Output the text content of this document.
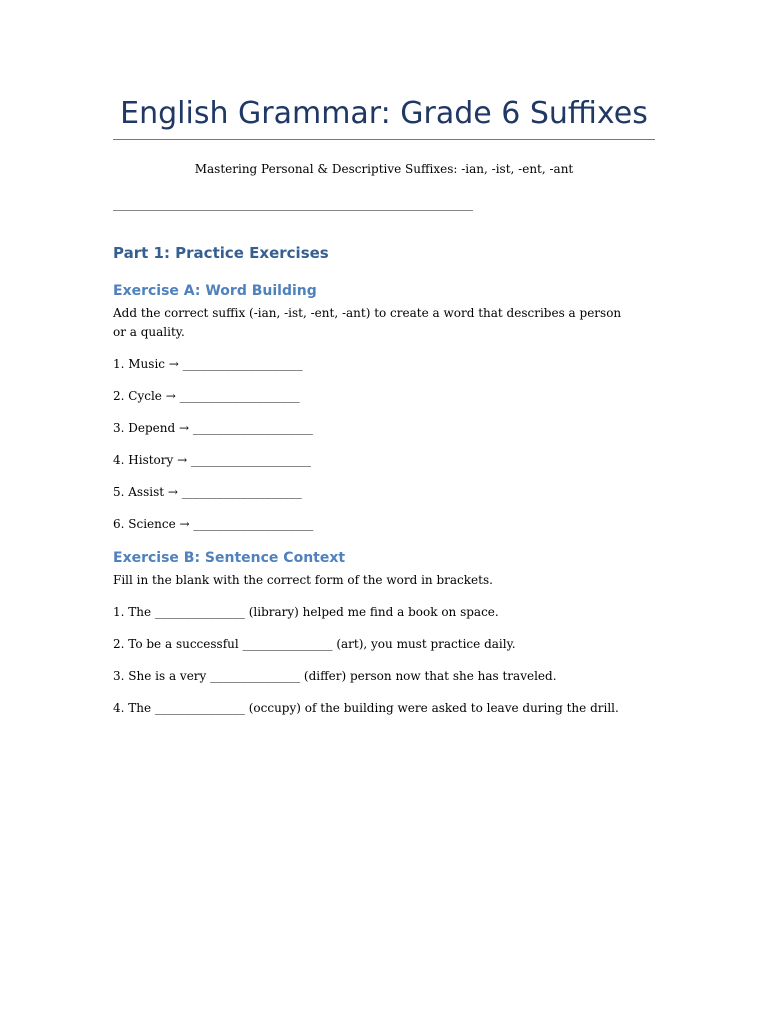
English Grammar: Grade 6 Suffixes
Mastering Personal & Descriptive Suffixes: -ian, -ist, -ent, -ant
____________________________________________________________
Part 1: Practice Exercises
Exercise A: Word Building
Add the correct suffix (-ian, -ist, -ent, -ant) to create a word that describes a person or a quality.
1. Music → ____________________
2. Cycle → ____________________
3. Depend → ____________________
4. History → ____________________
5. Assist → ____________________
6. Science → ____________________
Exercise B: Sentence Context
Fill in the blank with the correct form of the word in brackets.
1. The _______________ (library) helped me find a book on space.
2. To be a successful _______________ (art), you must practice daily.
3. She is a very _______________ (differ) person now that she has traveled.
4. The _______________ (occupy) of the building were asked to leave during the drill.
